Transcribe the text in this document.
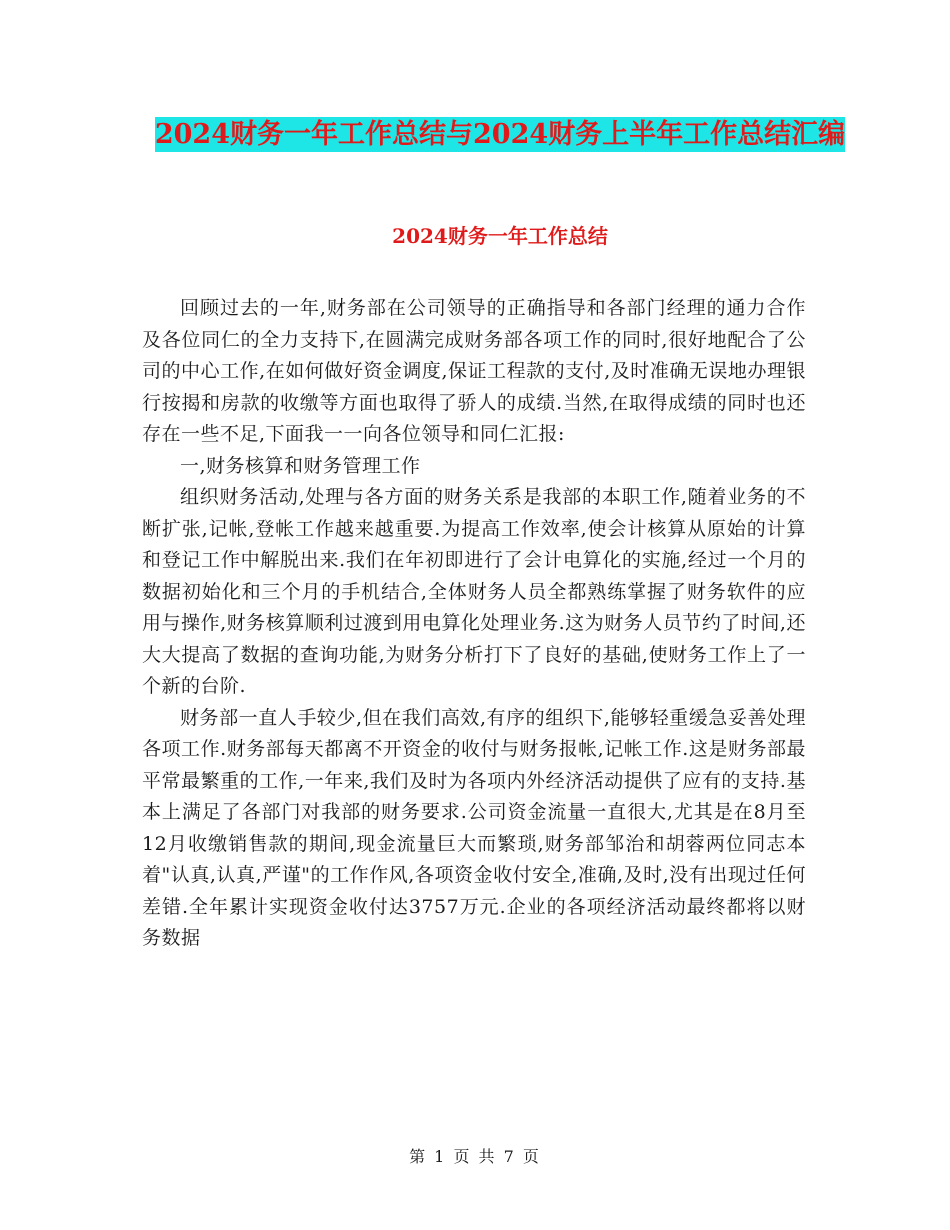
2024财务一年工作总结与2024财务上半年工作总结汇编
2024财务一年工作总结

回顾过去的一年,财务部在公司领导的正确指导和各部门经理的通力合作及各位同仁的全力支持下,在圆满完成财务部各项工作的同时,很好地配合了公司的中心工作,在如何做好资金调度,保证工程款的支付,及时准确无误地办理银行按揭和房款的收缴等方面也取得了骄人的成绩.当然,在取得成绩的同时也还存在一些不足,下面我一一向各位领导和同仁汇报:

一,财务核算和财务管理工作

组织财务活动,处理与各方面的财务关系是我部的本职工作,随着业务的不断扩张,记帐,登帐工作越来越重要.为提高工作效率,使会计核算从原始的计算和登记工作中解脱出来.我们在年初即进行了会计电算化的实施,经过一个月的数据初始化和三个月的手机结合,全体财务人员全都熟练掌握了财务软件的应用与操作,财务核算顺利过渡到用电算化处理业务.这为财务人员节约了时间,还大大提高了数据的查询功能,为财务分析打下了良好的基础,使财务工作上了一个新的台阶.

财务部一直人手较少,但在我们高效,有序的组织下,能够轻重缓急妥善处理各项工作.财务部每天都离不开资金的收付与财务报帐,记帐工作.这是财务部最平常最繁重的工作,一年来,我们及时为各项内外经济活动提供了应有的支持.基本上满足了各部门对我部的财务要求.公司资金流量一直很大,尤其是在8月至12月收缴销售款的期间,现金流量巨大而繁琐,财务部邹治和胡蓉两位同志本着"认真,认真,严谨"的工作作风,各项资金收付安全,准确,及时,没有出现过任何差错.全年累计实现资金收付达3757万元.企业的各项经济活动最终都将以财务数据

第 1 页 共 7 页
